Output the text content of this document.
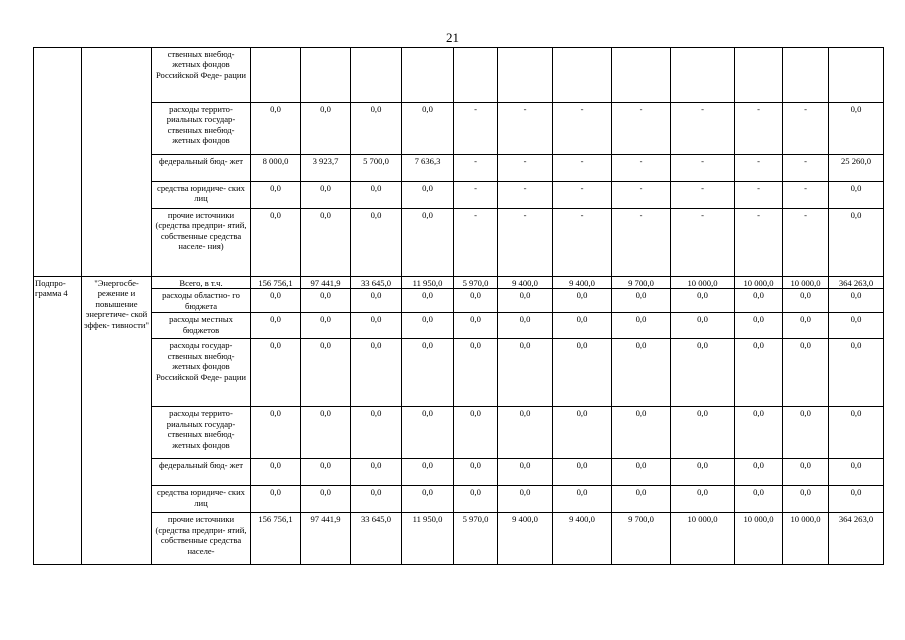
21
		ственных внебюд- жетных фондов Российской Феде- рации												
		расходы террито- риальных государ- ственных внебюд- жетных фондов	0,0	0,0	0,0	0,0	-	-	-	-	-	-	-	0,0
		федеральный бюд- жет	8 000,0	3 923,7	5 700,0	7 636,3	-	-	-	-	-	-	-	25 260,0
		средства юридиче- ских лиц	0,0	0,0	0,0	0,0	-	-	-	-	-	-	-	0,0
		прочие источники (средства предпри- ятий, собственные средства населе- ния)	0,0	0,0	0,0	0,0	-	-	-	-	-	-	-	0,0
Подпро- грамма 4	"Энергосбе- режение и повышение энергетиче- ской эффек- тивности"	Всего, в т.ч.	156 756,1	97 441,9	33 645,0	11 950,0	5 970,0	9 400,0	9 400,0	9 700,0	10 000,0	10 000,0	10 000,0	364 263,0
		расходы областно- го бюджета	0,0	0,0	0,0	0,0	0,0	0,0	0,0	0,0	0,0	0,0	0,0	0,0
		расходы местных бюджетов	0,0	0,0	0,0	0,0	0,0	0,0	0,0	0,0	0,0	0,0	0,0	0,0
		расходы государ- ственных внебюд- жетных фондов Российской Феде- рации	0,0	0,0	0,0	0,0	0,0	0,0	0,0	0,0	0,0	0,0	0,0	0,0
		расходы террито- риальных государ- ственных внебюд- жетных фондов	0,0	0,0	0,0	0,0	0,0	0,0	0,0	0,0	0,0	0,0	0,0	0,0
		федеральный бюд- жет	0,0	0,0	0,0	0,0	0,0	0,0	0,0	0,0	0,0	0,0	0,0	0,0
		средства юридиче- ских лиц	0,0	0,0	0,0	0,0	0,0	0,0	0,0	0,0	0,0	0,0	0,0	0,0
		прочие источники (средства предпри- ятий, собственные средства населе-	156 756,1	97 441,9	33 645,0	11 950,0	5 970,0	9 400,0	9 400,0	9 700,0	10 000,0	10 000,0	10 000,0	364 263,0
